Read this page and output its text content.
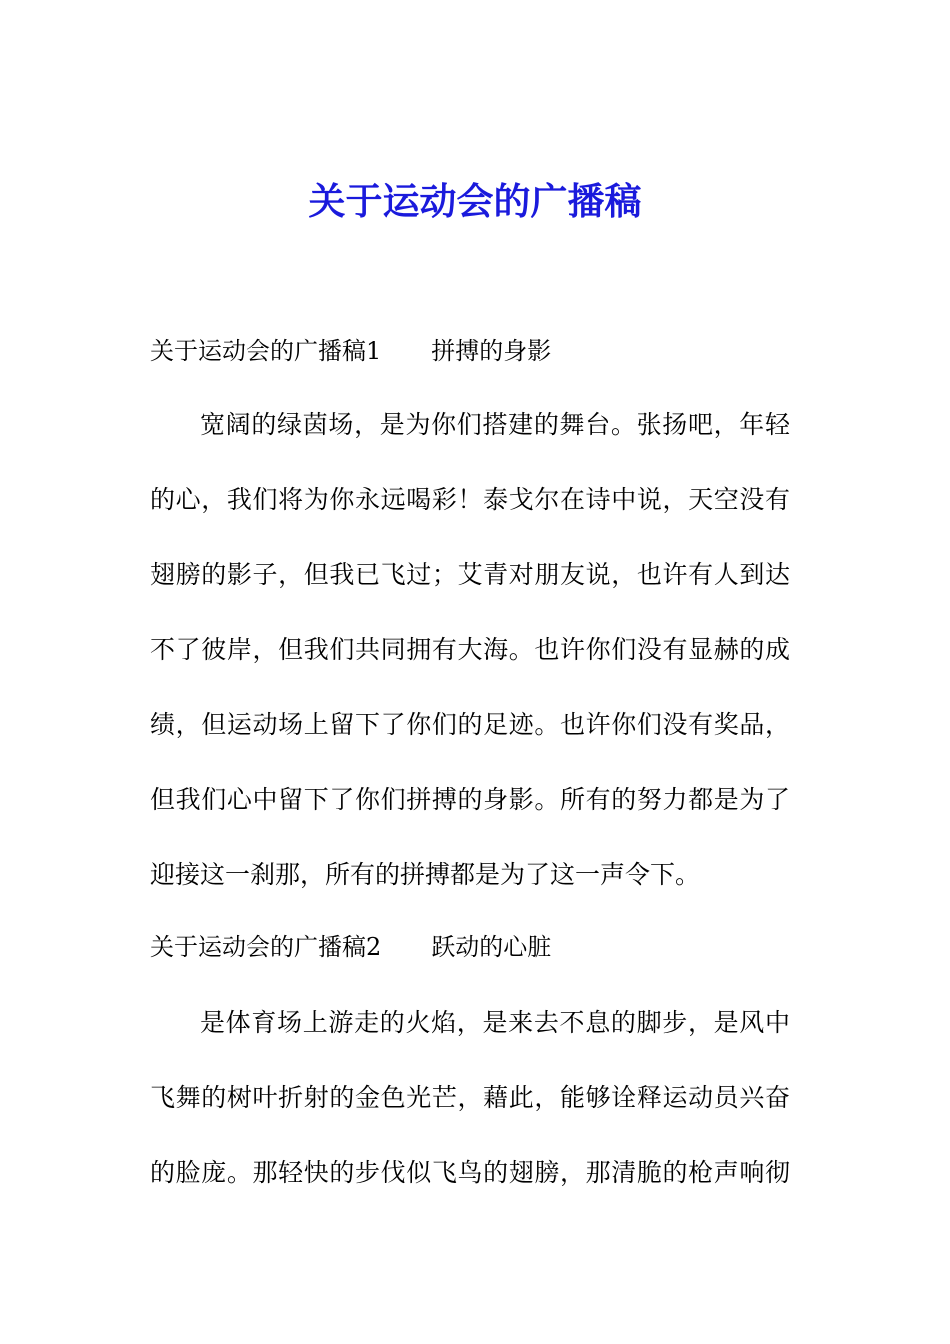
关于运动会的广播稿
关于运动会的广播稿1 拼搏的身影
宽阔的绿茵场，是为你们搭建的舞台。张扬吧，年轻
的心，我们将为你永远喝彩！泰戈尔在诗中说，天空没有
翅膀的影子，但我已飞过；艾青对朋友说，也许有人到达
不了彼岸，但我们共同拥有大海。也许你们没有显赫的成
绩，但运动场上留下了你们的足迹。也许你们没有奖品，
但我们心中留下了你们拼搏的身影。所有的努力都是为了
迎接这一刹那，所有的拼搏都是为了这一声令下。
关于运动会的广播稿2 跃动的心脏
是体育场上游走的火焰，是来去不息的脚步，是风中
飞舞的树叶折射的金色光芒，藉此，能够诠释运动员兴奋
的脸庞。那轻快的步伐似飞鸟的翅膀，那清脆的枪声响彻
